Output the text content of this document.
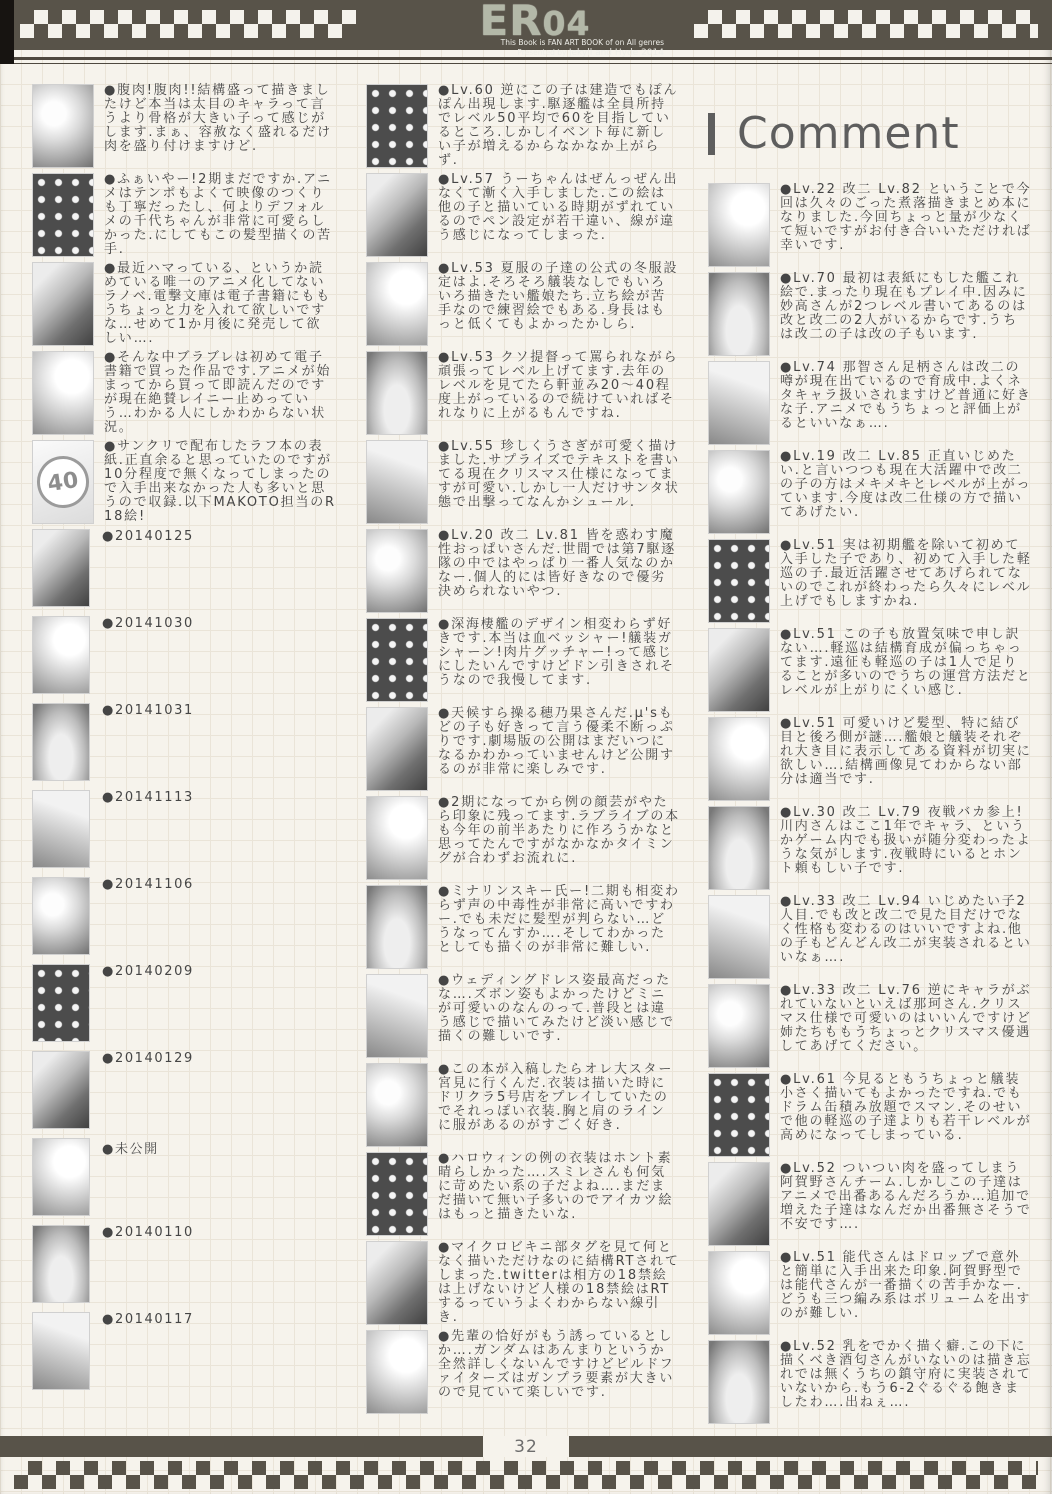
ER04
This Book is FAN ART BOOK of on All genres
Presented by Jekyll and Hyde 2014

●腹肉!腹肉!!結構盛って描きましたけど本当は太目のキャラって言うより骨格が大きい子って感じがします.まぁ、容赦なく盛れるだけ肉を盛り付けますけど.

●ふぁいやー!2期まだですか.アニメはテンポもよくて映像のつくりも丁寧だったし、何よりデフォルメの千代ちゃんが非常に可愛らしかった.にしてもこの髪型描くの苦手.

●最近ハマっている、というか読めている唯一のアニメ化してないラノベ.電撃文庫は電子書籍にももうちょっと力を入れて欲しいですな…せめて1か月後に発売して欲しい….

●そんな中ブラブレは初めて電子書籍で買った作品です.アニメが始まってから買って即読んだのですが現在絶賛レイニー止めっていう…わかる人にしかわからない状況。

40

●サンクリで配布したラフ本の表紙.正直余ると思っていたのですが10分程度で無くなってしまったので入手出来なかった人も多いと思うので収録.以下MAKOTO担当のR18絵!

●20140125

●20141030

●20141031

●20141113

●20141106

●20140209

●20140129

●未公開

●20140110

●20140117

●Lv.60 逆にこの子は建造でもぽんぽん出現します.駆逐艦は全員所持でレベル50平均で60を目指しているところ.しかしイベント毎に新しい子が増えるからなかなか上がらず.

●Lv.57 うーちゃんはぜんっぜん出なくて漸く入手しました.この絵は他の子と描いている時期がずれているのでペン設定が若干違い、線が違う感じになってしまった.

●Lv.53 夏服の子達の公式の冬服設定はよ.そろそろ艤装なしでもいろいろ描きたい艦娘たち.立ち絵が苦手なので練習絵でもある.身長はもっと低くてもよかったかしら.

●Lv.53 クソ提督って罵られながら頑張ってレベル上げてます.去年のレベルを見てたら軒並み20〜40程度上がっているので続けていればそれなりに上がるもんですね.

●Lv.55 珍しくうさぎが可愛く描けました.サプライズでテキストを書いてる現在クリスマス仕様になってますが可愛い.しかし一人だけサンタ状態で出撃ってなんかシュール.

●Lv.20 改二 Lv.81 皆を惑わす魔性おっぱいさんだ.世間では第7駆逐隊の中ではやっぱり一番人気なのかなー.個人的には皆好きなので優劣決められないやつ.

●深海棲艦のデザイン相変わらず好きです.本当は血ベッシャー!艤装ガシャーン!肉片グッチャー!って感じにしたいんですけどドン引きされそうなので我慢してます.

●天候すら操る穂乃果さんだ.μ'sもどの子も好きって言う優柔不断っぷりです.劇場版の公開はまだいつになるかわかっていませんけど公開するのが非常に楽しみです.

●2期になってから例の顔芸がやたら印象に残ってます.ラブライブの本も今年の前半あたりに作ろうかなと思ってたんですがなかなかタイミングが合わずお流れに.

●ミナリンスキー氏ー!二期も相変わらず声の中毒性が非常に高いですわー.でも未だに髪型が判らない…どうなってんすか….そしてわかったとしても描くのが非常に難しい.

●ウェディングドレス姿最高だったな….ズボン姿もよかったけどミニが可愛いのなんのって.普段とは違う感じで描いてみたけど淡い感じで描くの難しいです.

●この本が入稿したらオレ大スター宮見に行くんだ.衣装は描いた時にドリクラ5号店をプレイしていたのでそれっぽい衣装.胸と肩のラインに服があるのがすごく好き.

●ハロウィンの例の衣装はホント素晴らしかった….スミレさんも何気に苛めたい系の子だよね….まだまだ描いて無い子多いのでアイカツ絵はもっと描きたいな.

●マイクロビキニ部タグを見て何となく描いただけなのに結構RTされてしまった.twitterは相方の18禁絵は上げないけど人様の18禁絵はRTするっていうよくわからない線引き.

●先輩の恰好がもう誘っているとしか….ガンダムはあんまりというか全然詳しくないんですけどビルドファイターズはガンプラ要素が大きいので見ていて楽しいです.

Comment

●Lv.22 改二 Lv.82 ということで今回は久々のごった煮落描きまとめ本になりました.今回ちょっと量が少なくて短いですがお付き合いいただければ幸いです.

●Lv.70 最初は表紙にもした艦これ絵で.まったり現在もプレイ中.因みに妙高さんが2つレベル書いてあるのは改と改二の2人がいるからです.うちは改二の子は改の子もいます.

●Lv.74 那智さん足柄さんは改二の噂が現在出ているので育成中.よくネタキャラ扱いされますけど普通に好きな子.アニメでもうちょっと評価上がるといいなぁ….

●Lv.19 改二 Lv.85 正直いじめたい.と言いつつも現在大活躍中で改二の子の方はメキメキとレベルが上がっています.今度は改二仕様の方で描いてあげたい.

●Lv.51 実は初期艦を除いて初めて入手した子であり、初めて入手した軽巡の子.最近活躍させてあげられてないのでこれが終わったら久々にレベル上げでもしますかね.

●Lv.51 この子も放置気味で申し訳ない….軽巡は結構育成が偏っちゃってます.遠征も軽巡の子は1人で足りることが多いのでうちの運営方法だとレベルが上がりにくい感じ.

●Lv.51 可愛いけど髪型、特に結び目と後ろ側が謎….艦娘と艤装それぞれ大き目に表示してある資料が切実に欲しい….結構画像見てわからない部分は適当です.

●Lv.30 改二 Lv.79 夜戦バカ参上!川内さんはここ1年でキャラ、というかゲーム内でも扱いが随分変わったような気がします.夜戦時にいるとホント頼もしい子です.

●Lv.33 改二 Lv.94 いじめたい子2人目.でも改と改二で見た目だけでなく性格も変わるのはいいですよね.他の子もどんどん改二が実装されるといいなぁ….

●Lv.33 改二 Lv.76 逆にキャラがぶれていないといえば那珂さん.クリスマス仕様で可愛いのはいいんですけど姉たちももうちょっとクリスマス優遇してあげてください。

●Lv.61 今見るともうちょっと艤装小さく描いてもよかったですね.でもドラム缶積み放題でスマン.そのせいで他の軽巡の子達よりも若干レベルが高めになってしまっている.

●Lv.52 ついつい肉を盛ってしまう阿賀野さんチーム.しかしこの子達はアニメで出番あるんだろうか…追加で増えた子達はなんだか出番無さそうで不安です….

●Lv.51 能代さんはドロップで意外と簡単に入手出来た印象.阿賀野型では能代さんが一番描くの苦手かなー.どうも三つ編み系はボリュームを出すのが難しい.

●Lv.52 乳をでかく描く癖.この下に描くべき酒匂さんがいないのは描き忘れでは無くうちの鎮守府に実装されていないから.もう6-2ぐるぐる飽きましたわ….出ねぇ….

32
